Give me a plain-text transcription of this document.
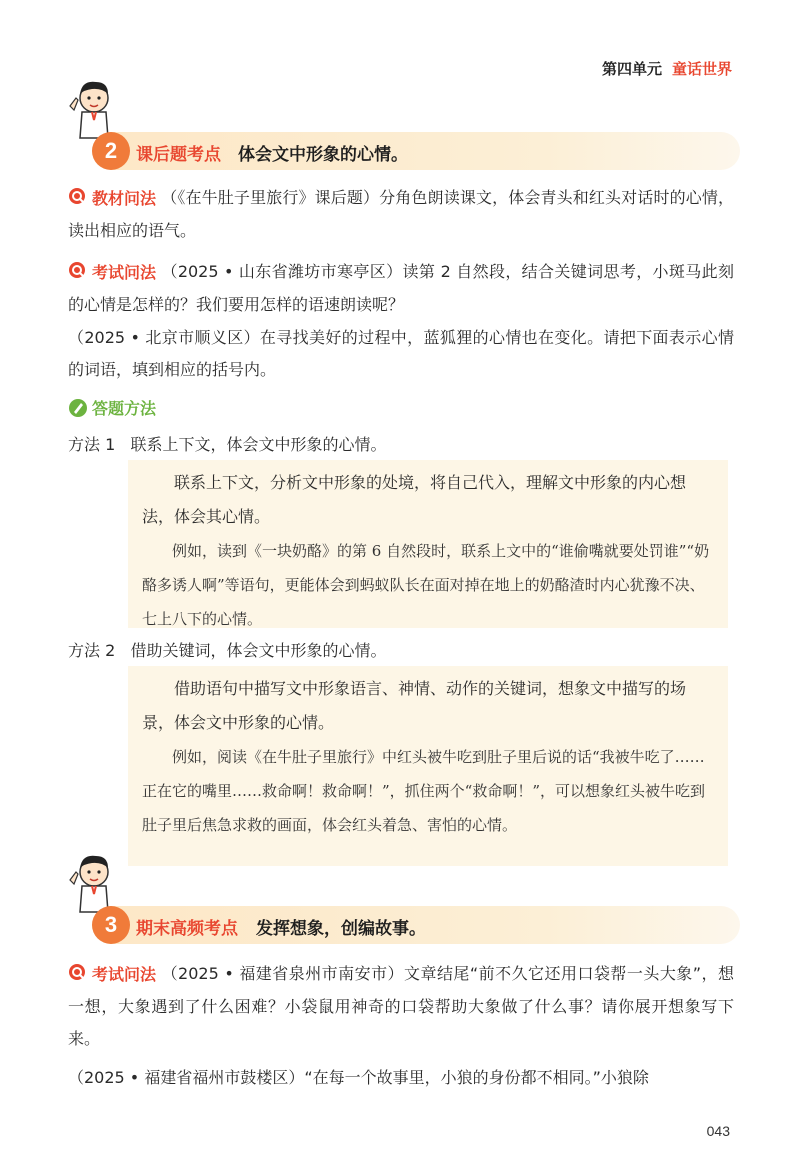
第四单元 童话世界
2	课后题考点 体会文中形象的心情。
教材问法 （《在牛肚子里旅行》课后题）分角色朗读课文，体会青头和红头对话时的心情，读出相应的语气。
考试问法 （2025 • 山东省潍坊市寒亭区）读第 2 自然段，结合关键词思考，小斑马此刻的心情是怎样的？我们要用怎样的语速朗读呢？
（2025 • 北京市顺义区）在寻找美好的过程中，蓝狐狸的心情也在变化。请把下面表示心情的词语，填到相应的括号内。
答题方法
方法 1 联系上下文，体会文中形象的心情。
联系上下文，分析文中形象的处境，将自己代入，理解文中形象的内心想法，体会其心情。
例如，读到《一块奶酪》的第 6 自然段时，联系上文中的“谁偷嘴就要处罚谁”“奶酪多诱人啊”等语句，更能体会到蚂蚁队长在面对掉在地上的奶酪渣时内心犹豫不决、七上八下的心情。
方法 2 借助关键词，体会文中形象的心情。
借助语句中描写文中形象语言、神情、动作的关键词，想象文中描写的场景，体会文中形象的心情。
例如，阅读《在牛肚子里旅行》中红头被牛吃到肚子里后说的话“我被牛吃了……正在它的嘴里……救命啊！救命啊！”，抓住两个“救命啊！”，可以想象红头被牛吃到肚子里后焦急求救的画面，体会红头着急、害怕的心情。
3	期末高频考点 发挥想象，创编故事。
考试问法 （2025 • 福建省泉州市南安市）文章结尾“前不久它还用口袋帮一头大象”，想一想，大象遇到了什么困难？小袋鼠用神奇的口袋帮助大象做了什么事？请你展开想象写下来。
（2025 • 福建省福州市鼓楼区）“在每一个故事里，小狼的身份都不相同。”小狼除
043
